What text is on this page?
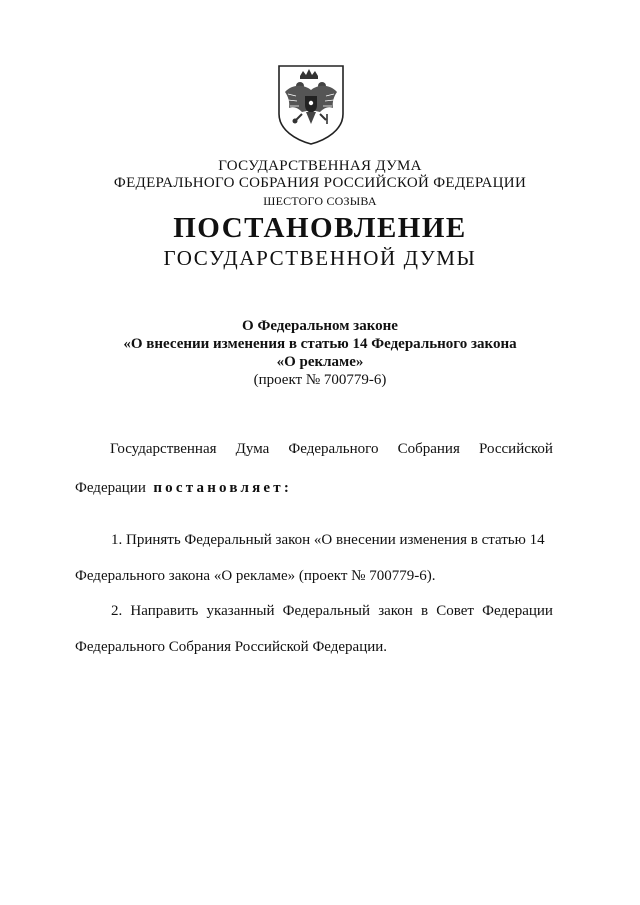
ГОСУДАРСТВЕННАЯ ДУМА
ФЕДЕРАЛЬНОГО СОБРАНИЯ РОССИЙСКОЙ ФЕДЕРАЦИИ
ШЕСТОГО СОЗЫВА
ПОСТАНОВЛЕНИЕ
ГОСУДАРСТВЕННОЙ ДУМЫ
О Федеральном законе
«О внесении изменения в статью 14 Федерального закона
«О рекламе»
(проект № 700779-6)
Государственная Дума Федерального Собрания Российской
Федерации постановляет:
1. Принять Федеральный закон «О внесении изменения в статью 14
Федерального закона «О рекламе» (проект № 700779-6).
2. Направить указанный Федеральный закон в Совет Федерации
Федерального Собрания Российской Федерации.
